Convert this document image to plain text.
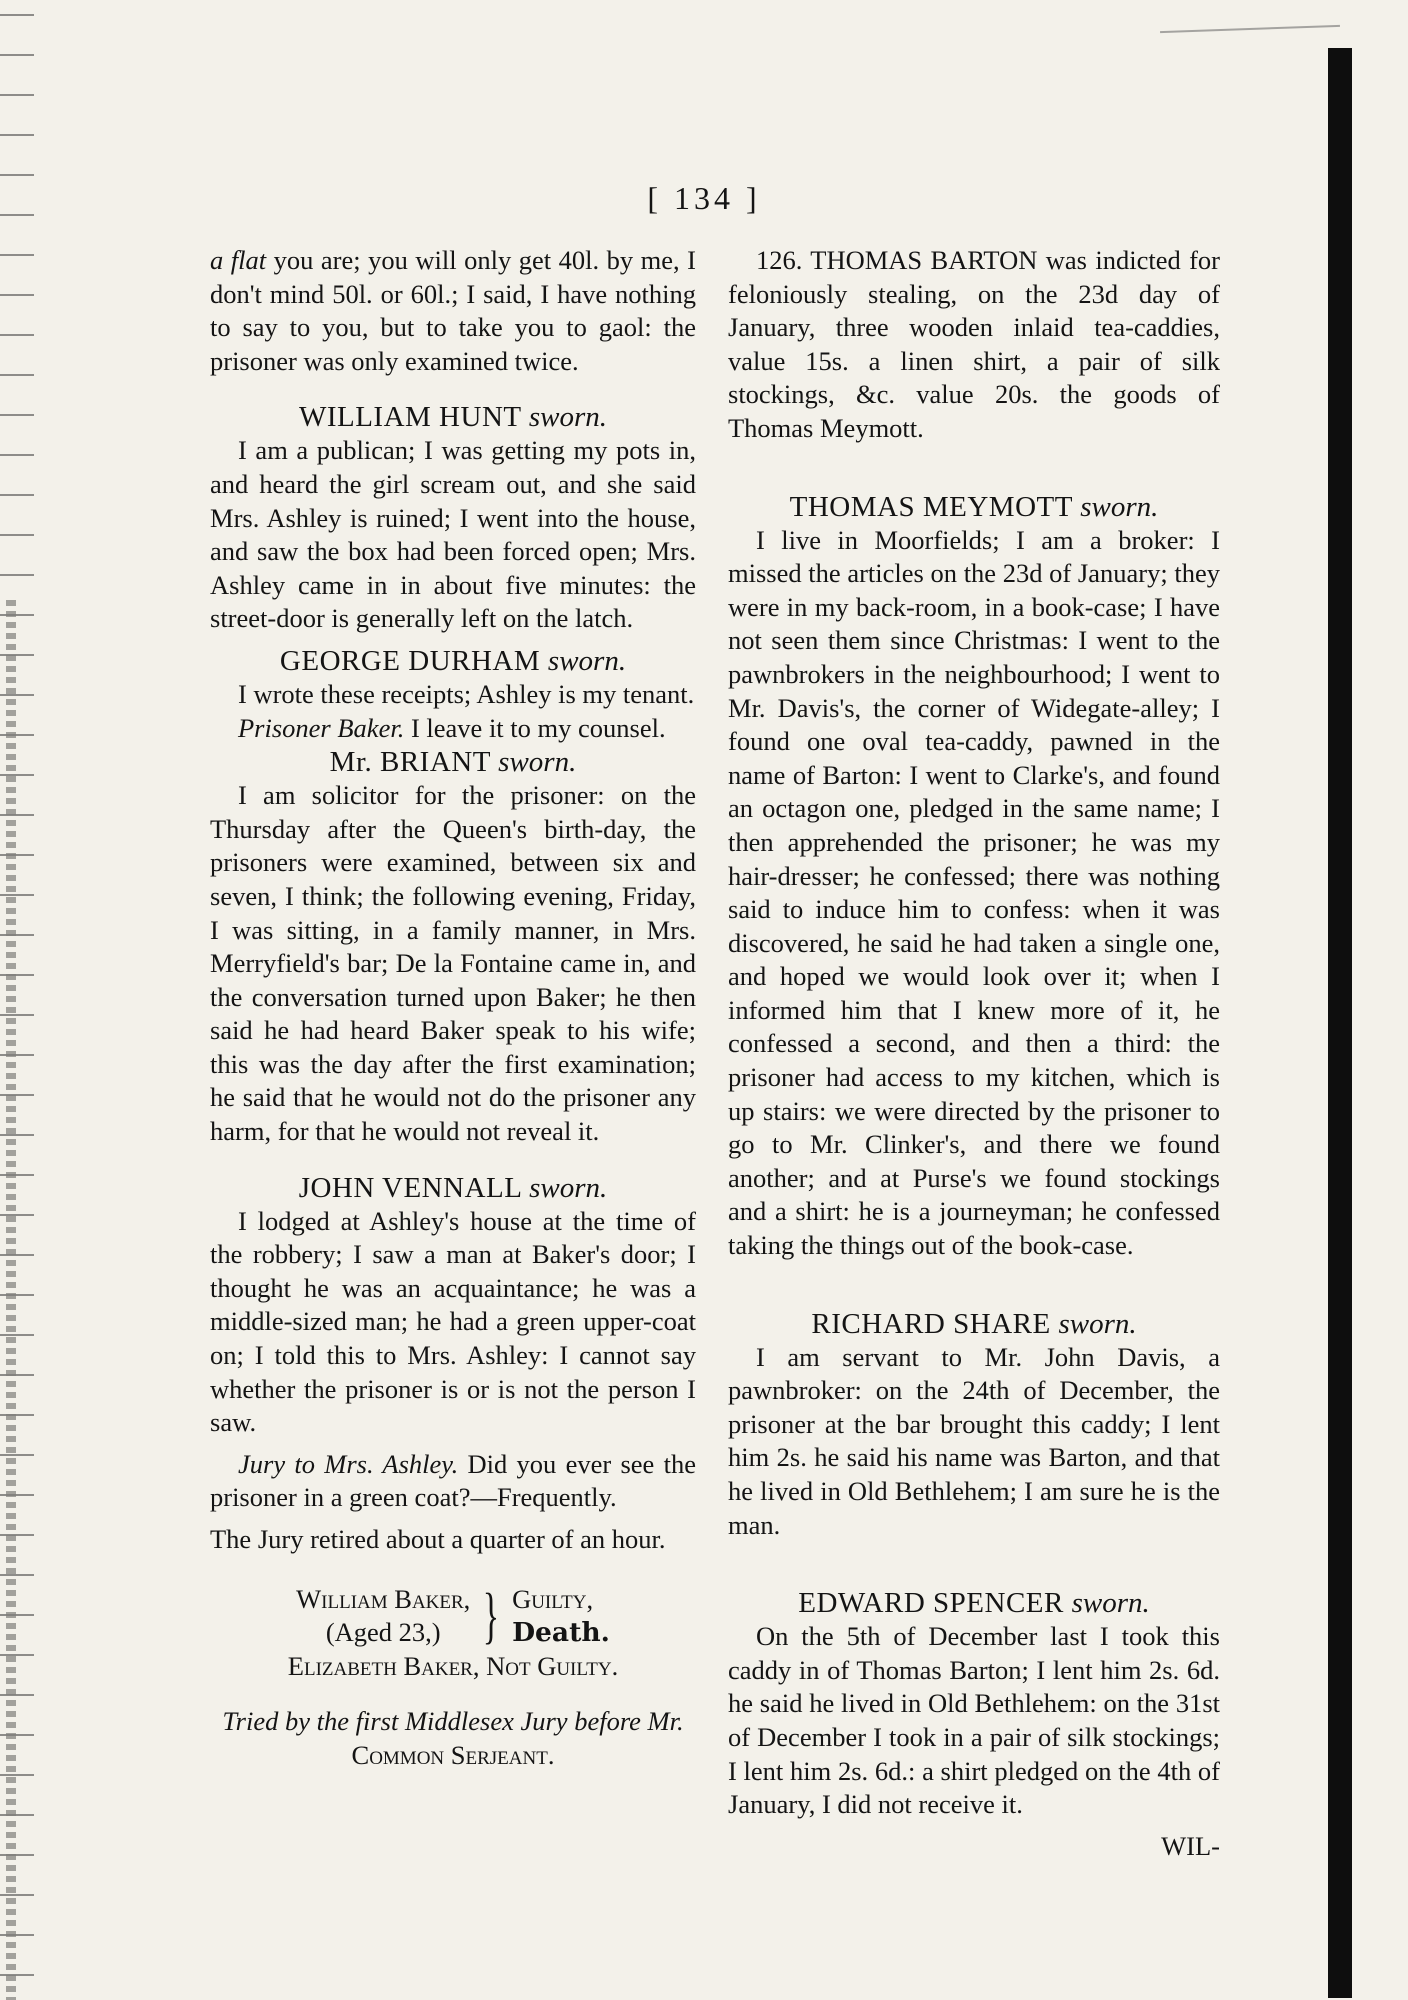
[ 134 ]

a flat you are; you will only get 40l. by me, I don't mind 50l. or 60l.; I said, I have nothing to say to you, but to take you to gaol: the prisoner was only examined twice.

WILLIAM HUNT sworn.

I am a publican; I was getting my pots in, and heard the girl scream out, and she said Mrs. Ashley is ruined; I went into the house, and saw the box had been forced open; Mrs. Ashley came in in about five minutes: the street-door is generally left on the latch.

GEORGE DURHAM sworn.

I wrote these receipts; Ashley is my tenant.

Prisoner Baker. I leave it to my counsel.

Mr. BRIANT sworn.

I am solicitor for the prisoner: on the Thursday after the Queen's birth-day, the prisoners were examined, between six and seven, I think; the following evening, Friday, I was sitting, in a family manner, in Mrs. Merryfield's bar; De la Fontaine came in, and the conversation turned upon Baker; he then said he had heard Baker speak to his wife; this was the day after the first examination; he said that he would not do the prisoner any harm, for that he would not reveal it.

JOHN VENNALL sworn.

I lodged at Ashley's house at the time of the robbery; I saw a man at Baker's door; I thought he was an acquaintance; he was a middle-sized man; he had a green upper-coat on; I told this to Mrs. Ashley: I cannot say whether the prisoner is or is not the person I saw.

Jury to Mrs. Ashley. Did you ever see the prisoner in a green coat?—Frequently.

The Jury retired about a quarter of an hour.

William Baker,
(Aged 23,) } Guilty,
Death.

Elizabeth Baker, Not Guilty.

Tried by the first Middlesex Jury before Mr. Common Serjeant.

126. THOMAS BARTON was indicted for feloniously stealing, on the 23d day of January, three wooden inlaid tea-caddies, value 15s. a linen shirt, a pair of silk stockings, &c. value 20s. the goods of Thomas Meymott.

THOMAS MEYMOTT sworn.

I live in Moorfields; I am a broker: I missed the articles on the 23d of January; they were in my back-room, in a book-case; I have not seen them since Christmas: I went to the pawnbrokers in the neighbourhood; I went to Mr. Davis's, the corner of Widegate-alley; I found one oval tea-caddy, pawned in the name of Barton: I went to Clarke's, and found an octagon one, pledged in the same name; I then apprehended the prisoner; he was my hair-dresser; he confessed; there was nothing said to induce him to confess: when it was discovered, he said he had taken a single one, and hoped we would look over it; when I informed him that I knew more of it, he confessed a second, and then a third: the prisoner had access to my kitchen, which is up stairs: we were directed by the prisoner to go to Mr. Clinker's, and there we found another; and at Purse's we found stockings and a shirt: he is a journeyman; he confessed taking the things out of the book-case.

RICHARD SHARE sworn.

I am servant to Mr. John Davis, a pawnbroker: on the 24th of December, the prisoner at the bar brought this caddy; I lent him 2s. he said his name was Barton, and that he lived in Old Bethlehem; I am sure he is the man.

EDWARD SPENCER sworn.

On the 5th of December last I took this caddy in of Thomas Barton; I lent him 2s. 6d. he said he lived in Old Bethlehem: on the 31st of December I took in a pair of silk stockings; I lent him 2s. 6d.: a shirt pledged on the 4th of January, I did not receive it.

WIL-
